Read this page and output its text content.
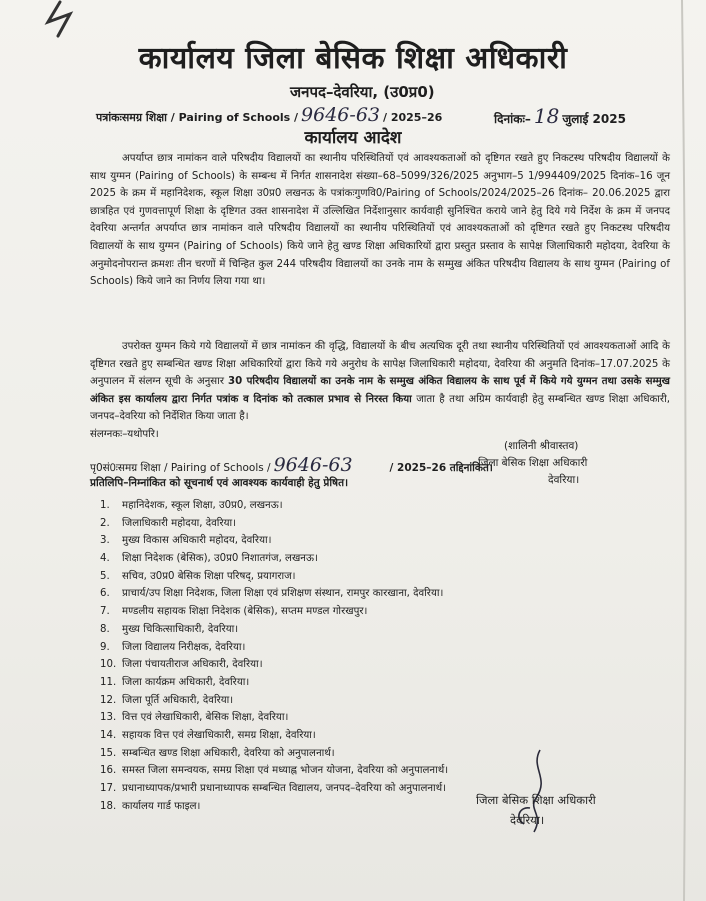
कार्यालय जिला बेसिक शिक्षा अधिकारी
जनपद–देवरिया, (उ0प्र0)
पत्रांकःसमग्र शिक्षा / Pairing of Schools / 9646-63 / 2025–26	दिनांकः– 18 जुलाई 2025
कार्यालय आदेश

अपर्याप्त छात्र नामांकन वाले परिषदीय विद्यालयों का स्थानीय परिस्थितियों एवं आवश्यकताओं को दृष्टिगत रखते हुए निकटस्थ परिषदीय विद्यालयों के साथ युग्मन (Pairing of Schools) के सम्बन्ध में निर्गत शासनादेश संख्या–68–5099/326/2025 अनुभाग–5 1/994409/2025 दिनांक–16 जून 2025 के क्रम में महानिदेशक, स्कूल शिक्षा उ0प्र0 लखनऊ के पत्रांकःगुणवि0/Pairing of Schools/2024/2025–26 दिनांक– 20.06.2025 द्वारा छात्रहित एवं गुणवत्तापूर्ण शिक्षा के दृष्टिगत उक्त शासनादेश में उल्लिखित निर्देशानुसार कार्यवाही सुनिश्चित कराये जाने हेतु दिये गये निर्देश के क्रम में जनपद देवरिया अन्तर्गत अपर्याप्त छात्र नामांकन वाले परिषदीय विद्यालयों का स्थानीय परिस्थितियों एवं आवश्यकताओं को दृष्टिगत रखते हुए निकटस्थ परिषदीय विद्यालयों के साथ युग्मन (Pairing of Schools) किये जाने हेतु खण्ड शिक्षा अधिकारियों द्वारा प्रस्तुत प्रस्ताव के सापेक्ष जिलाधिकारी महोदया, देवरिया के अनुमोदनोपरान्त क्रमशः तीन चरणों में चिन्हित कुल 244 परिषदीय विद्यालयों का उनके नाम के सम्मुख अंकित परिषदीय विद्यालय के साथ युग्मन (Pairing of Schools) किये जाने का निर्णय लिया गया था।

उपरोक्त युग्मन किये गये विद्यालयों में छात्र नामांकन की वृद्धि, विद्यालयों के बीच अत्यधिक दूरी तथा स्थानीय परिस्थितियों एवं आवश्यकताओं आदि के दृष्टिगत रखते हुए सम्बन्धित खण्ड शिक्षा अधिकारियों द्वारा किये गये अनुरोध के सापेक्ष जिलाधिकारी महोदया, देवरिया की अनुमति दिनांक–17.07.2025 के अनुपालन में संलग्न सूची के अनुसार 30 परिषदीय विद्यालयों का उनके नाम के सम्मुख अंकित विद्यालय के साथ पूर्व में किये गये युग्मन तथा उसके सम्मुख अंकित इस कार्यालय द्वारा निर्गत पत्रांक व दिनांक को तत्काल प्रभाव से निरस्त किया जाता है तथा अग्रिम कार्यवाही हेतु सम्बन्धित खण्ड शिक्षा अधिकारी, जनपद–देवरिया को निर्देशित किया जाता है।
संलग्नकः–यथोपरि।

(शालिनी श्रीवास्तव)
जिला बेसिक शिक्षा अधिकारी
देवरिया।
पृ0सं0ःसमग्र शिक्षा / Pairing of Schools / 9646-63	/ 2025–26 तद्दिनांकित।
प्रतिलिपि–निम्नांकित को सूचनार्थ एवं आवश्यक कार्यवाही हेतु प्रेषित।
1. महानिदेशक, स्कूल शिक्षा, उ0प्र0, लखनऊ।
2. जिलाधिकारी महोदया, देवरिया।
3. मुख्य विकास अधिकारी महोदय, देवरिया।
4. शिक्षा निदेशक (बेसिक), उ0प्र0 निशातगंज, लखनऊ।
5. सचिव, उ0प्र0 बेसिक शिक्षा परिषद्, प्रयागराज।
6. प्राचार्य/उप शिक्षा निदेशक, जिला शिक्षा एवं प्रशिक्षण संस्थान, रामपुर कारखाना, देवरिया।
7. मण्डलीय सहायक शिक्षा निदेशक (बेसिक), सप्तम मण्डल गोरखपुर।
8. मुख्य चिकित्साधिकारी, देवरिया।
9. जिला विद्यालय निरीक्षक, देवरिया।
10. जिला पंचायतीराज अधिकारी, देवरिया।
11. जिला कार्यक्रम अधिकारी, देवरिया।
12. जिला पूर्ति अधिकारी, देवरिया।
13. वित्त एवं लेखाधिकारी, बेसिक शिक्षा, देवरिया।
14. सहायक वित्त एवं लेखाधिकारी, समग्र शिक्षा, देवरिया।
15. सम्बन्धित खण्ड शिक्षा अधिकारी, देवरिया को अनुपालनार्थ।
16. समस्त जिला समन्वयक, समग्र शिक्षा एवं मध्याह्न भोजन योजना, देवरिया को अनुपालनार्थ।
17. प्रधानाध्यापक/प्रभारी प्रधानाध्यापक सम्बन्धित विद्यालय, जनपद–देवरिया को अनुपालनार्थ।
18. कार्यालय गार्ड फाइल।	जिला बेसिक शिक्षा अधिकारी
देवरिया।
